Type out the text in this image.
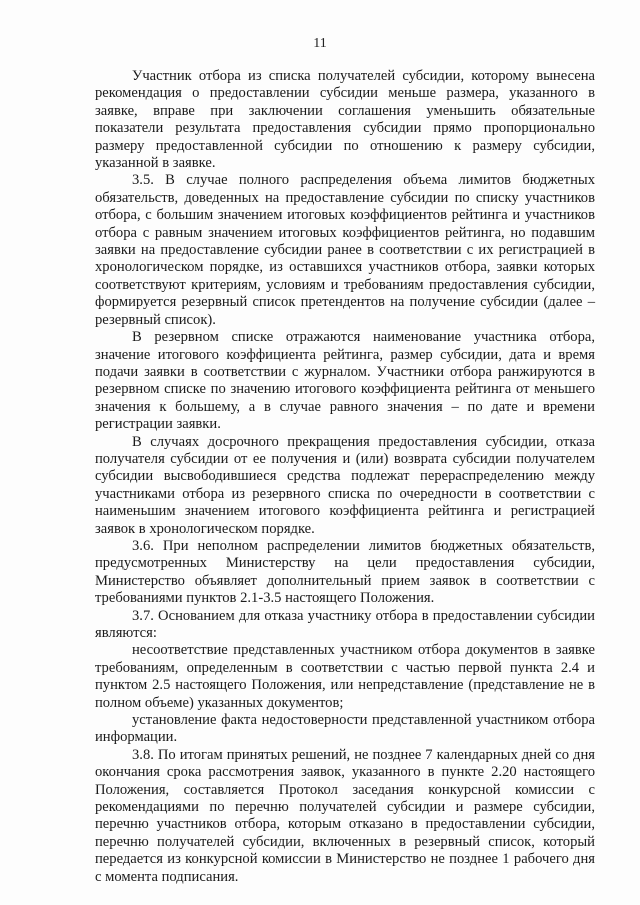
11

Участник отбора из списка получателей субсидии, которому вынесена рекомендация о предоставлении субсидии меньше размера, указанного в заявке, вправе при заключении соглашения уменьшить обязательные показатели результата предоставления субсидии прямо пропорционально размеру предоставленной субсидии по отношению к размеру субсидии, указанной в заявке.

3.5. В случае полного распределения объема лимитов бюджетных обязательств, доведенных на предоставление субсидии по списку участников отбора, с большим значением итоговых коэффициентов рейтинга и участников отбора с равным значением итоговых коэффициентов рейтинга, но подавшим заявки на предоставление субсидии ранее в соответствии с их регистрацией в хронологическом порядке, из оставшихся участников отбора, заявки которых соответствуют критериям, условиям и требованиям предоставления субсидии, формируется резервный список претендентов на получение субсидии (далее – резервный список).

В резервном списке отражаются наименование участника отбора, значение итогового коэффициента рейтинга, размер субсидии, дата и время подачи заявки в соответствии с журналом. Участники отбора ранжируются в резервном списке по значению итогового коэффициента рейтинга от меньшего значения к большему, а в случае равного значения – по дате и времени регистрации заявки.

В случаях досрочного прекращения предоставления субсидии, отказа получателя субсидии от ее получения и (или) возврата субсидии получателем субсидии высвободившиеся средства подлежат перераспределению между участниками отбора из резервного списка по очередности в соответствии с наименьшим значением итогового коэффициента рейтинга и регистрацией заявок в хронологическом порядке.

3.6. При неполном распределении лимитов бюджетных обязательств, предусмотренных Министерству на цели предоставления субсидии, Министерство объявляет дополнительный прием заявок в соответствии с требованиями пунктов 2.1-3.5 настоящего Положения.

3.7. Основанием для отказа участнику отбора в предоставлении субсидии являются:

несоответствие представленных участником отбора документов в заявке требованиям, определенным в соответствии с частью первой пункта 2.4 и пунктом 2.5 настоящего Положения, или непредставление (представление не в полном объеме) указанных документов;

установление факта недостоверности представленной участником отбора информации.

3.8. По итогам принятых решений, не позднее 7 календарных дней со дня окончания срока рассмотрения заявок, указанного в пункте 2.20 настоящего Положения, составляется Протокол заседания конкурсной комиссии с рекомендациями по перечню получателей субсидии и размере субсидии, перечню участников отбора, которым отказано в предоставлении субсидии, перечню получателей субсидии, включенных в резервный список, который передается из конкурсной комиссии в Министерство не позднее 1 рабочего дня с момента подписания.
